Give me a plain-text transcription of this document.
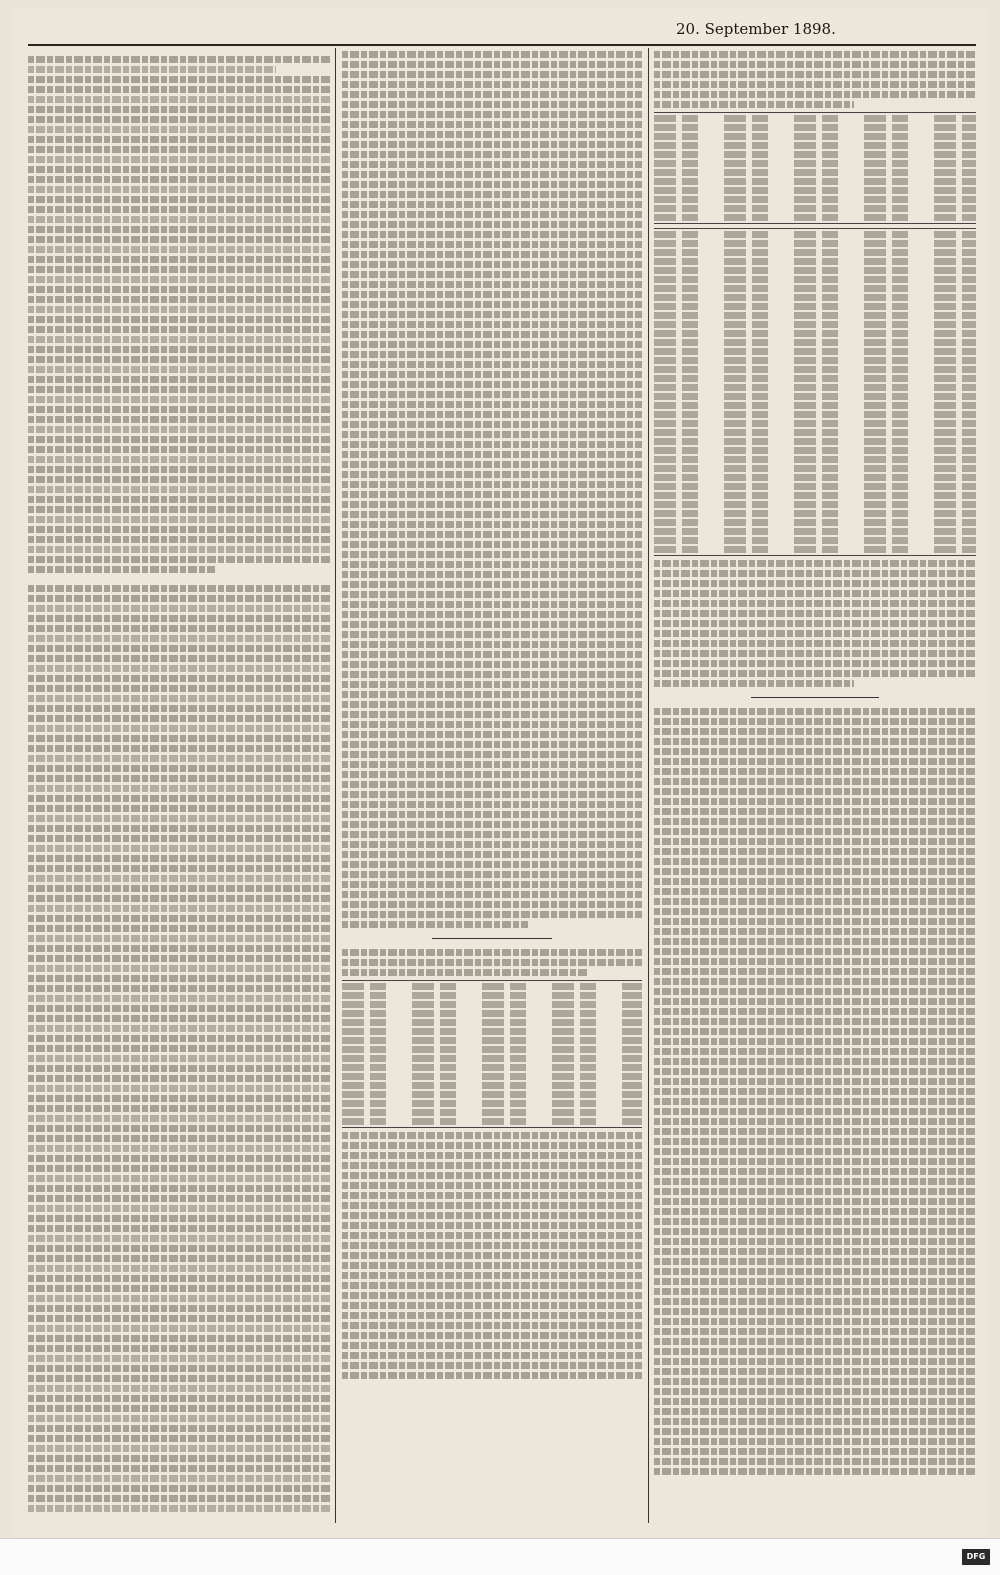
20. September 1898.
DFG
